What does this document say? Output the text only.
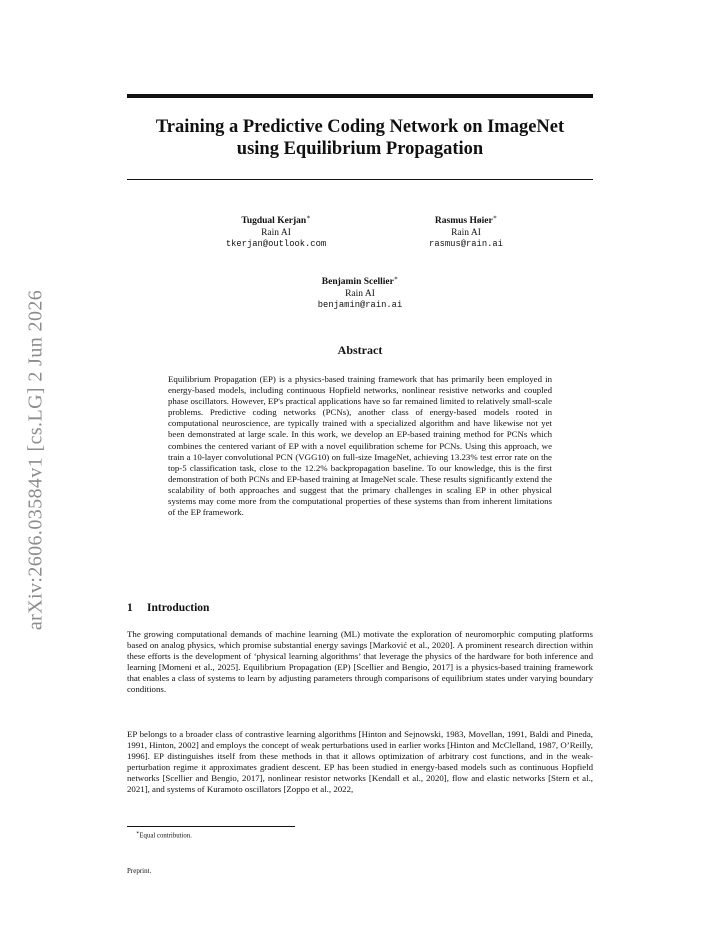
arXiv:2606.03584v1 [cs.LG] 2 Jun 2026
Training a Predictive Coding Network on ImageNet
using Equilibrium Propagation
Tugdual Kerjan∗
Rain AI
tkerjan@outlook.com
Rasmus Høier∗
Rain AI
rasmus@rain.ai
Benjamin Scellier∗
Rain AI
benjamin@rain.ai
Abstract
Equilibrium Propagation (EP) is a physics-based training framework that has primarily been employed in energy-based models, including continuous Hopfield networks, nonlinear resistive networks and coupled phase oscillators. However, EP's practical applications have so far remained limited to relatively small-scale problems. Predictive coding networks (PCNs), another class of energy-based models rooted in computational neuroscience, are typically trained with a specialized algorithm and have likewise not yet been demonstrated at large scale. In this work, we develop an EP-based training method for PCNs which combines the centered variant of EP with a novel equilibration scheme for PCNs. Using this approach, we train a 10-layer convolutional PCN (VGG10) on full-size ImageNet, achieving 13.23% test error rate on the top-5 classification task, close to the 12.2% backpropagation baseline. To our knowledge, this is the first demonstration of both PCNs and EP-based training at ImageNet scale. These results significantly extend the scalability of both approaches and suggest that the primary challenges in scaling EP in other physical systems may come more from the computational properties of these systems than from inherent limitations of the EP framework.
1 Introduction
The growing computational demands of machine learning (ML) motivate the exploration of neuromorphic computing platforms based on analog physics, which promise substantial energy savings [Marković et al., 2020]. A prominent research direction within these efforts is the development of ‘physical learning algorithms’ that leverage the physics of the hardware for both inference and learning [Momeni et al., 2025]. Equilibrium Propagation (EP) [Scellier and Bengio, 2017] is a physics-based training framework that enables a class of systems to learn by adjusting parameters through comparisons of equilibrium states under varying boundary conditions.
EP belongs to a broader class of contrastive learning algorithms [Hinton and Sejnowski, 1983, Movellan, 1991, Baldi and Pineda, 1991, Hinton, 2002] and employs the concept of weak perturbations used in earlier works [Hinton and McClelland, 1987, O’Reilly, 1996]. EP distinguishes itself from these methods in that it allows optimization of arbitrary cost functions, and in the weak-perturbation regime it approximates gradient descent. EP has been studied in energy-based models such as continuous Hopfield networks [Scellier and Bengio, 2017], nonlinear resistor networks [Kendall et al., 2020], flow and elastic networks [Stern et al., 2021], and systems of Kuramoto oscillators [Zoppo et al., 2022,
∗Equal contribution.
Preprint.
